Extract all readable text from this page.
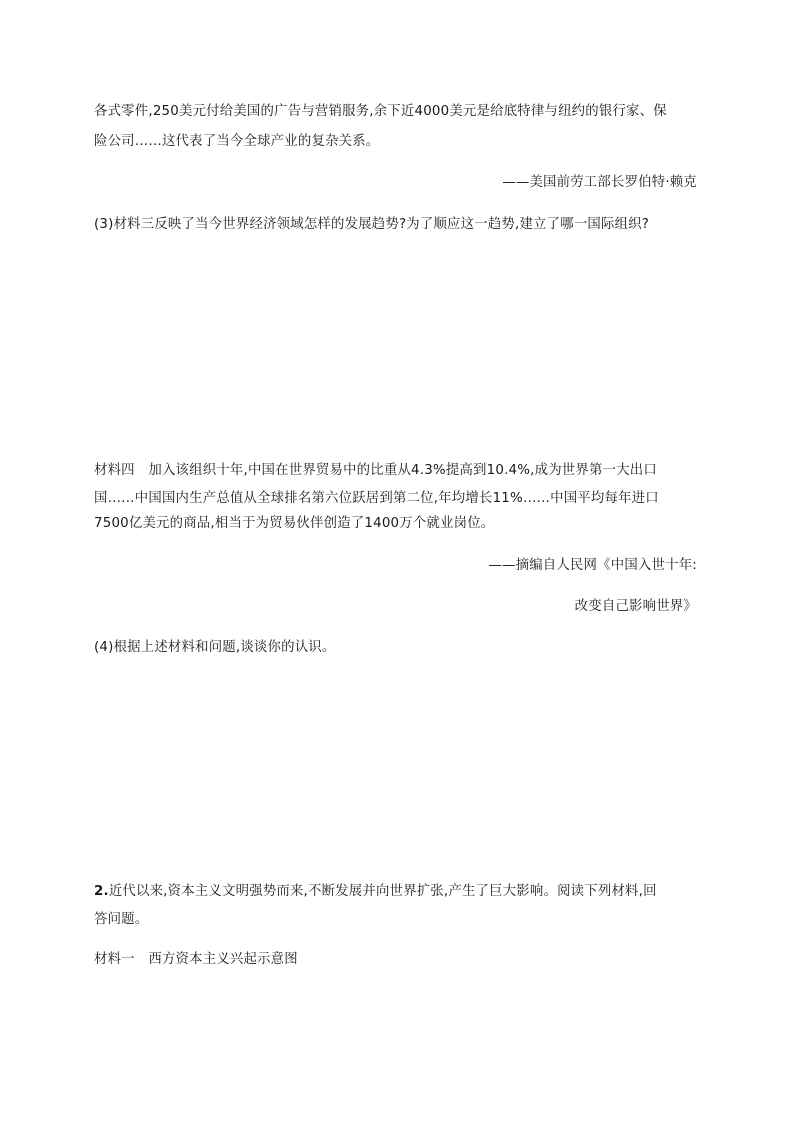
各式零件,250美元付给美国的广告与营销服务,余下近4000美元是给底特律与纽约的银行家、保
险公司……这代表了当今全球产业的复杂关系。
——美国前劳工部长罗伯特·赖克
(3)材料三反映了当今世界经济领域怎样的发展趋势?为了顺应这一趋势,建立了哪一国际组织?
材料四　加入该组织十年,中国在世界贸易中的比重从4.3%提高到10.4%,成为世界第一大出口
国……中国国内生产总值从全球排名第六位跃居到第二位,年均增长11%……中国平均每年进口
7500亿美元的商品,相当于为贸易伙伴创造了1400万个就业岗位。
——摘编自人民网《中国入世十年:
改变自己影响世界》
(4)根据上述材料和问题,谈谈你的认识。
2.近代以来,资本主义文明强势而来,不断发展并向世界扩张,产生了巨大影响。阅读下列材料,回
答问题。
材料一　西方资本主义兴起示意图
